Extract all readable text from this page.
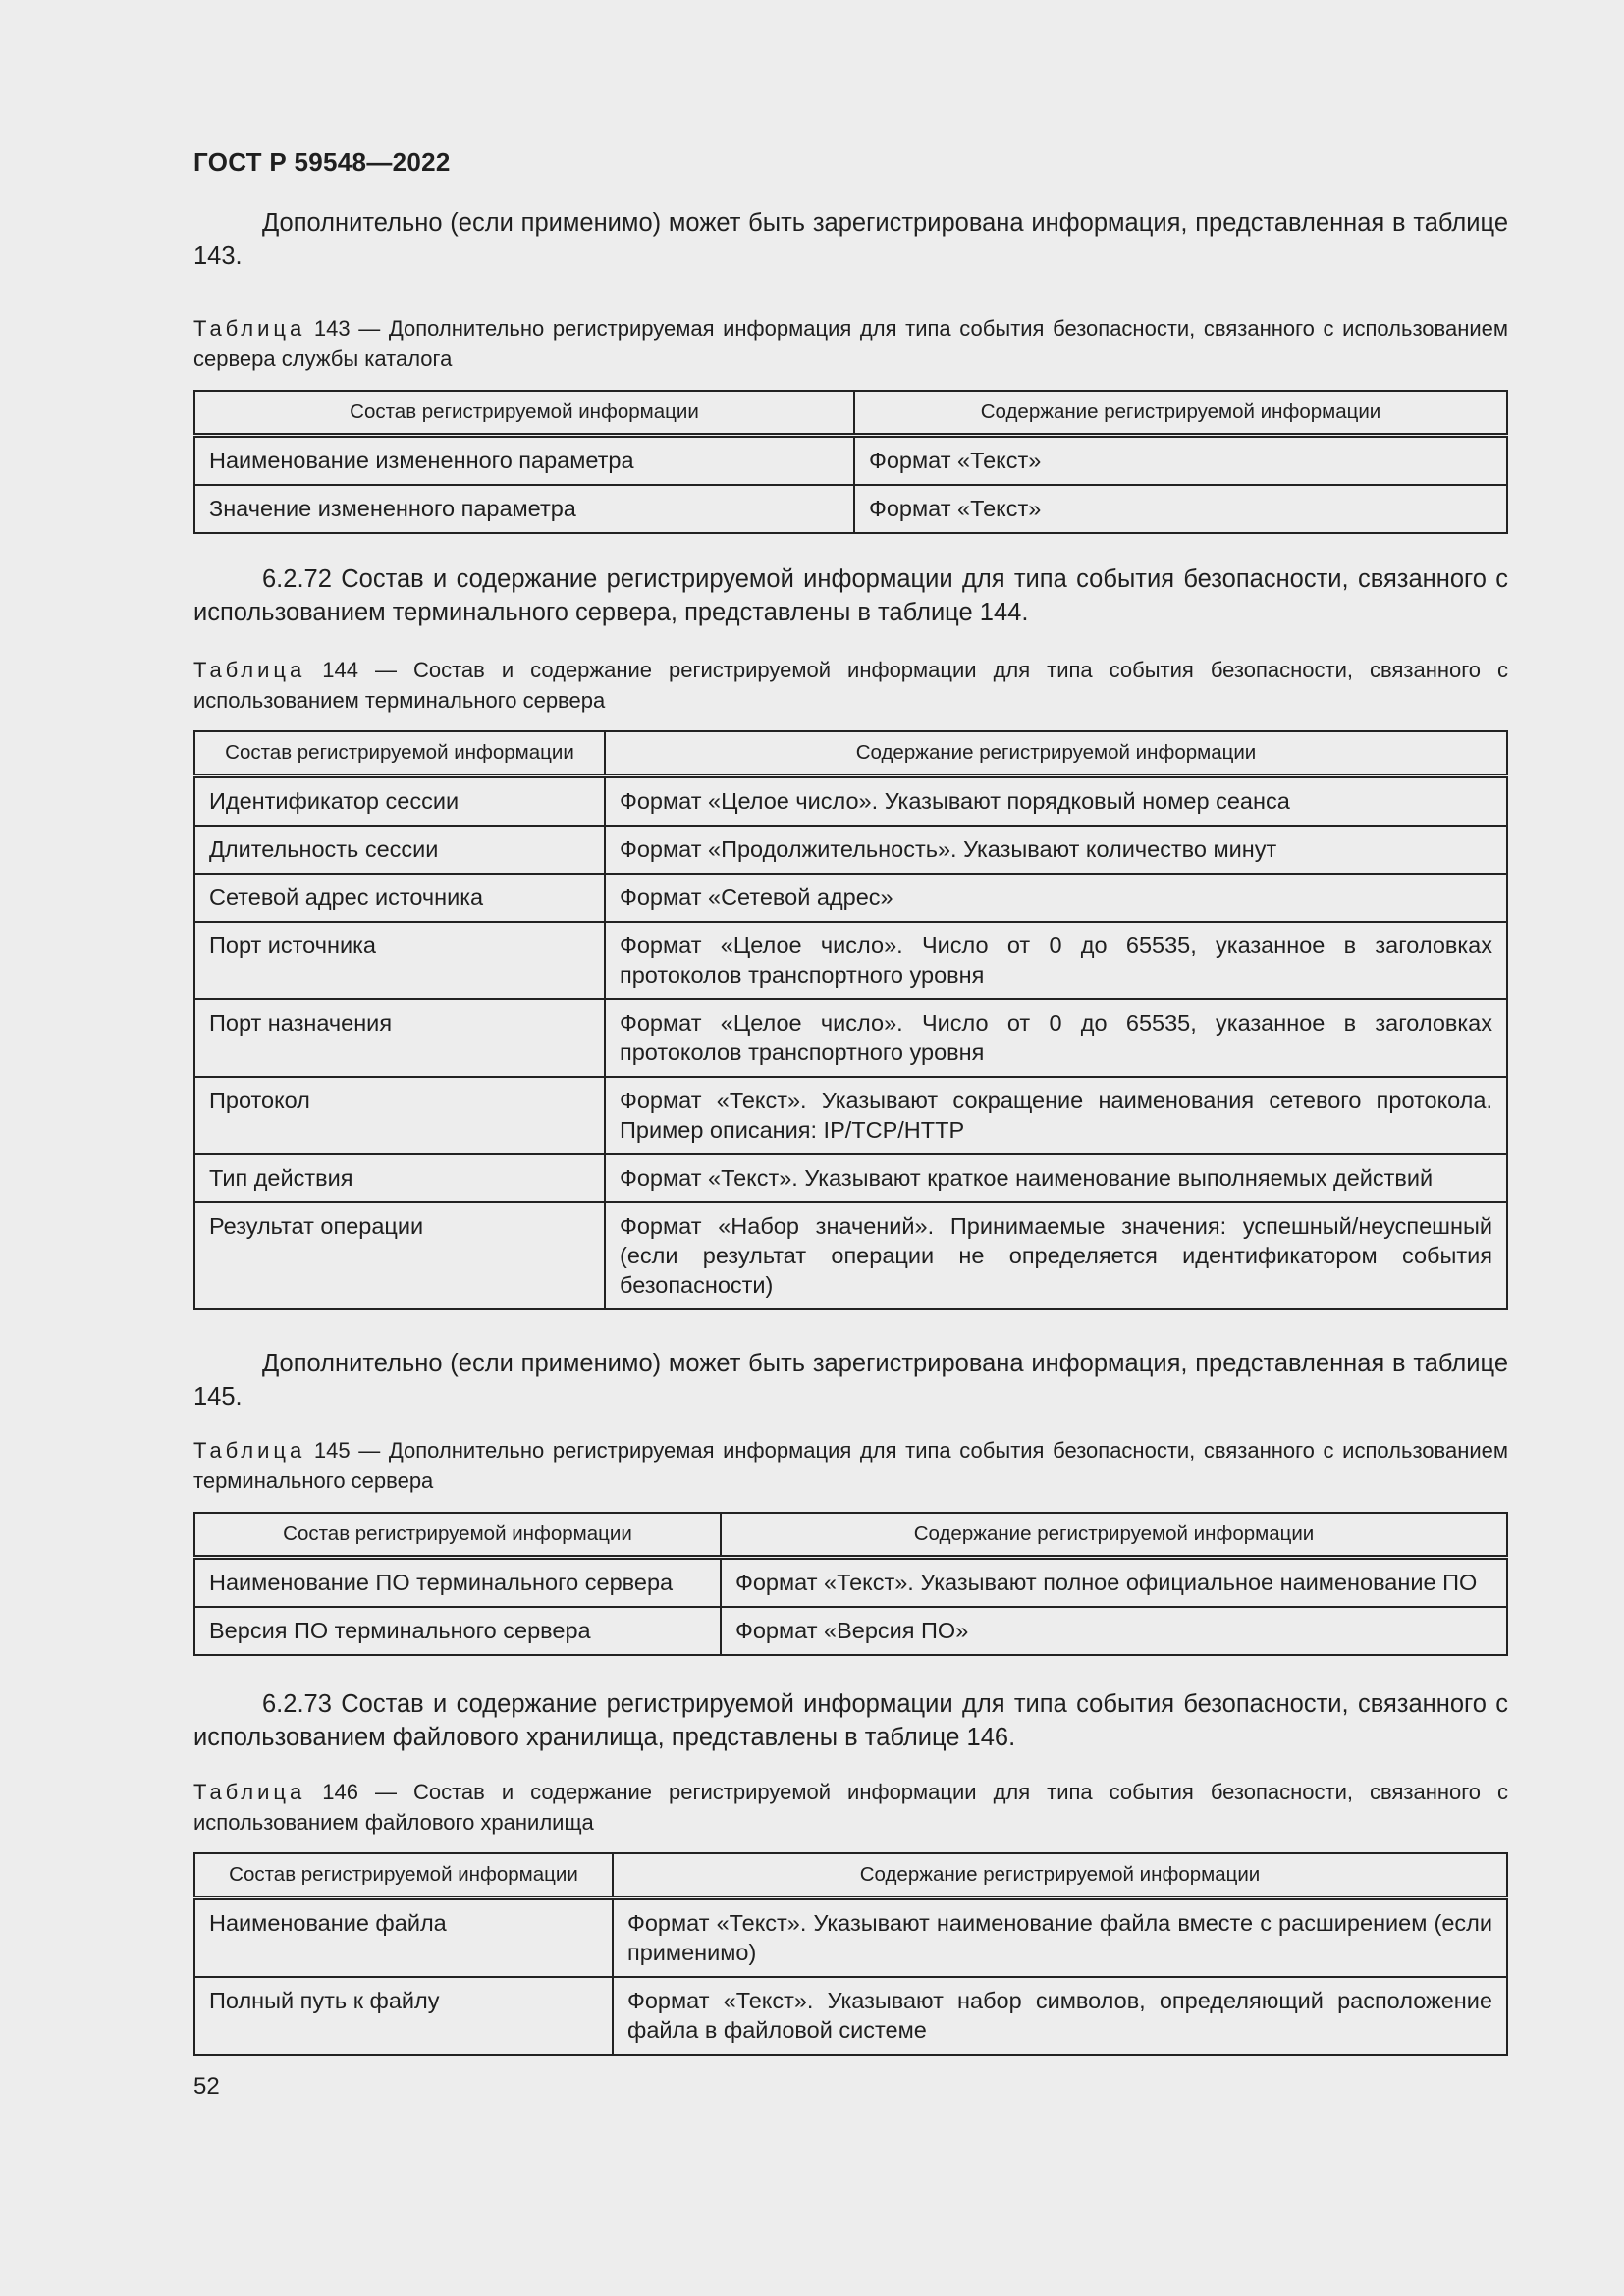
ГОСТ Р 59548—2022

Дополнительно (если применимо) может быть зарегистрирована информация, представленная в таблице 143.

Таблица 143 — Дополнительно регистрируемая информация для типа события безопасности, связанного с использованием сервера службы каталога
Состав регистрируемой информации	Содержание регистрируемой информации
Наименование измененного параметра	Формат «Текст»
Значение измененного параметра	Формат «Текст»

6.2.72 Состав и содержание регистрируемой информации для типа события безопасности, связанного с использованием терминального сервера, представлены в таблице 144.

Таблица 144 — Состав и содержание регистрируемой информации для типа события безопасности, связанного с использованием терминального сервера
Состав регистрируемой информации	Содержание регистрируемой информации
Идентификатор сессии	Формат «Целое число». Указывают порядковый номер сеанса
Длительность сессии	Формат «Продолжительность». Указывают количество минут
Сетевой адрес источника	Формат «Сетевой адрес»
Порт источника	Формат «Целое число». Число от 0 до 65535, указанное в заголовках протоколов транспортного уровня
Порт назначения	Формат «Целое число». Число от 0 до 65535, указанное в заголовках протоколов транспортного уровня
Протокол	Формат «Текст». Указывают сокращение наименования сетевого протокола. Пример описания: IP/TCP/HTTP
Тип действия	Формат «Текст». Указывают краткое наименование выполняемых действий
Результат операции	Формат «Набор значений». Принимаемые значения: успешный/неуспешный (если результат операции не определяется идентификатором события безопасности)

Дополнительно (если применимо) может быть зарегистрирована информация, представленная в таблице 145.

Таблица 145 — Дополнительно регистрируемая информация для типа события безопасности, связанного с использованием терминального сервера
Состав регистрируемой информации	Содержание регистрируемой информации
Наименование ПО терминального сервера	Формат «Текст». Указывают полное официальное наименование ПО
Версия ПО терминального сервера	Формат «Версия ПО»

6.2.73 Состав и содержание регистрируемой информации для типа события безопасности, связанного с использованием файлового хранилища, представлены в таблице 146.

Таблица 146 — Состав и содержание регистрируемой информации для типа события безопасности, связанного с использованием файлового хранилища
Состав регистрируемой информации	Содержание регистрируемой информации
Наименование файла	Формат «Текст». Указывают наименование файла вместе с расширением (если применимо)
Полный путь к файлу	Формат «Текст». Указывают набор символов, определяющий расположение файла в файловой системе
52
